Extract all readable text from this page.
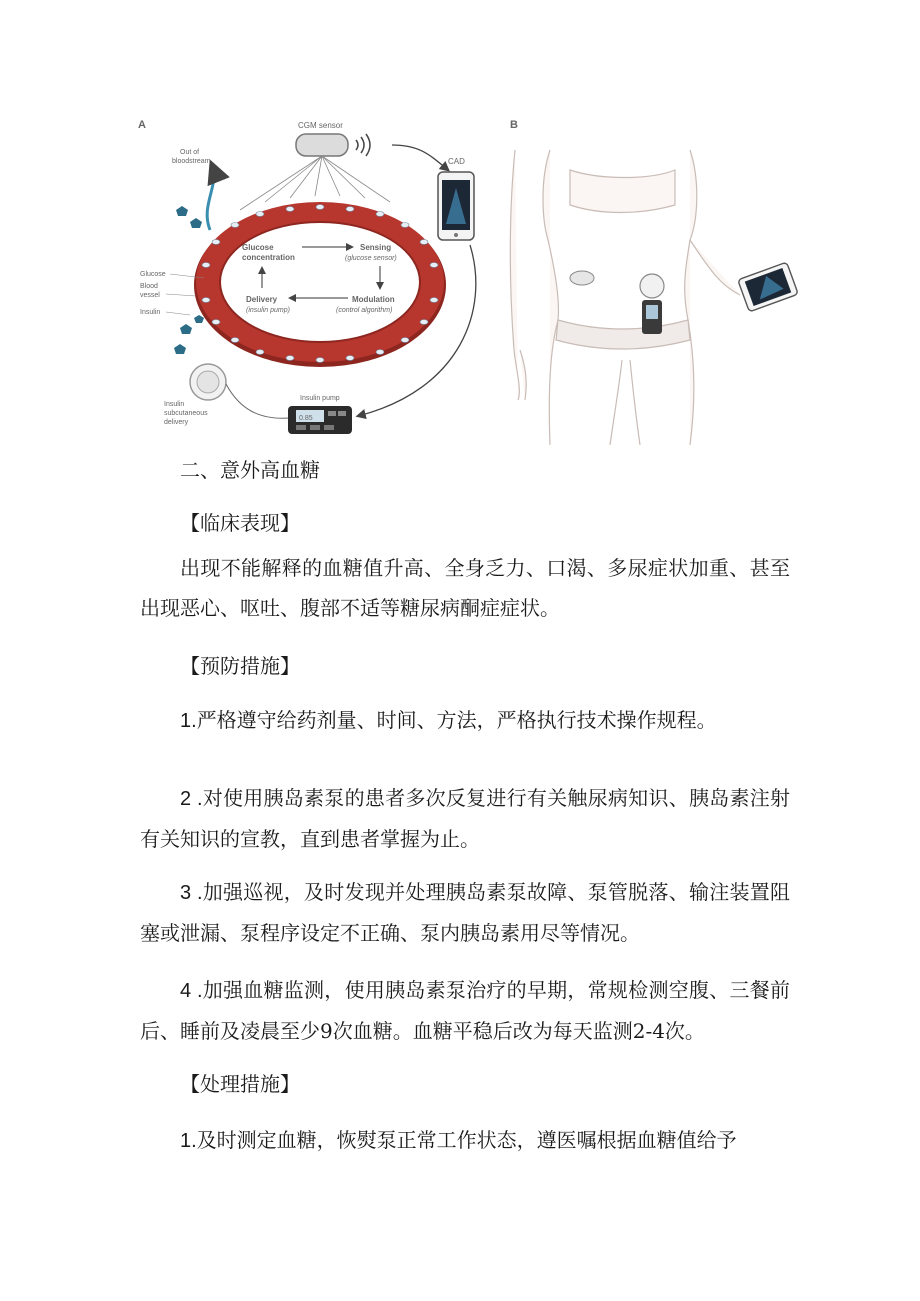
A	CGM sensor
CAD
Glucose
concentration
Sensing
(glucose sensor)
Delivery
(insulin pump)
Modulation
(control algorithm)
Out of
bloodstream
Glucose
Blood
vessel
Insulin
Insulin
subcutaneous
delivery
Insulin pump
0.85
B
二、意外高血糖
【临床表现】
出现不能解释的血糖值升高、全身乏力、口渴、多尿症状加重、甚至出现恶心、呕吐、腹部不适等糖尿病酮症症状。
【预防措施】
1.严格遵守给药剂量、时间、方法，严格执行技术操作规程。
2 .对使用胰岛素泵的患者多次反复进行有关触尿病知识、胰岛素注射有关知识的宣教，直到患者掌握为止。
3 .加强巡视，及时发现并处理胰岛素泵故障、泵管脱落、输注装置阻塞或泄漏、泵程序设定不正确、泵内胰岛素用尽等情况。
4 .加强血糖监测，使用胰岛素泵治疗的早期，常规检测空腹、三餐前后、睡前及凌晨至少9次血糖。血糖平稳后改为每天监测2-4次。
【处理措施】
1.及时测定血糖，恢熨泵正常工作状态，遵医嘱根据血糖值给予
